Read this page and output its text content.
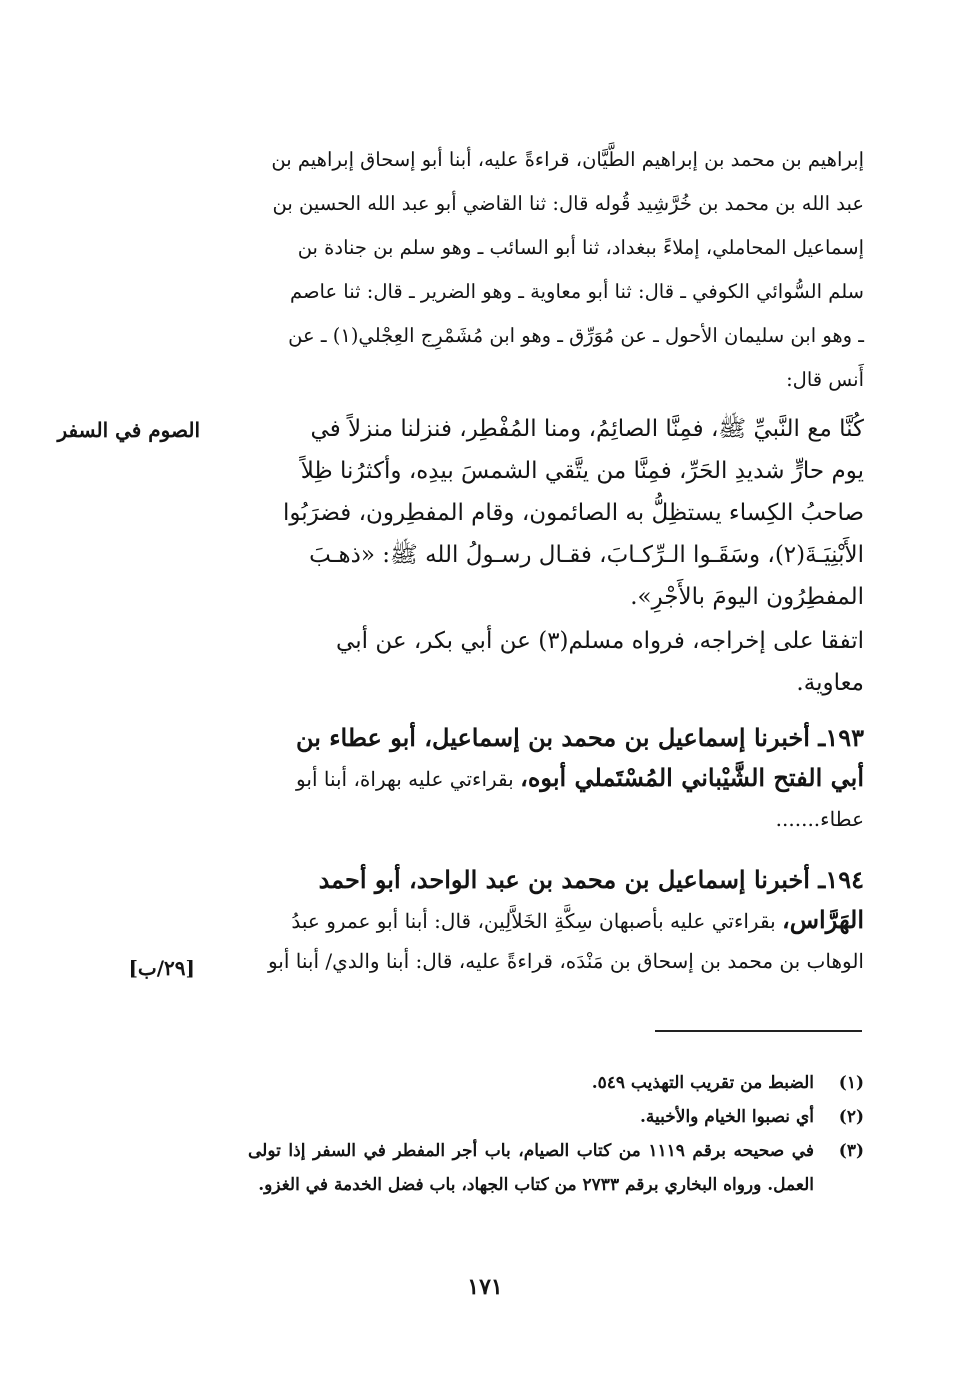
إبراهيم بن محمد بن إبراهيم الطَّيَّان، قراءةً عليه، أبنا أبو إسحاق إبراهيم بن

عبد الله بن محمد بن خُرَّشِيد قُوله قال: ثنا القاضي أبو عبد الله الحسين بن

إسماعيل المحاملي، إملاءً ببغداد، ثنا أبو السائب ـ وهو سلم بن جنادة بن

سلم السُّوائي الكوفي ـ قال: ثنا أبو معاوية ـ وهو الضرير ـ قال: ثنا عاصم

ـ وهو ابن سليمان الأحول ـ عن مُوَرِّق ـ وهو ابن مُشَمْرِج العِجْلي(١) ـ عن

أَنس قال:

الصوم في السفر	كُنَّا مع النَّبيِّ ﷺ، فمِنَّا الصائِمُ، ومنا المُفْطِر، فنزلنا منزلاً في

يوم حارٍّ شديدِ الحَرِّ، فمِنَّا من يتَّقي الشمسَ بيدِه، وأكثرُنا ظِلاً

صاحبُ الكِساء يستظِلُّ به الصائمون، وقام المفطِرون، فضرَبُوا

الأَبْنِيَـةَ(٢)، وسَقَـوا الـرِّكـابَ، فقـال رسـولُ الله ﷺ: «ذهـبَ

المفطِرُون اليومَ بالأَجْرِ».

اتفقا على إخراجه، فرواه مسلم(٣) عن أبي بكر، عن أبي

معاوية.

١٩٣ـ أخبرنا إسماعيل بن محمد بن إسماعيل، أبو عطاء بن

أبي الفتح الشَّيْباني المُسْتَملي أبوه، بقراءتي عليه بهراة، أبنا أبو

عطاء.......

١٩٤ـ أخبرنا إسماعيل بن محمد بن عبد الواحد، أبو أحمد

الهَرَّاس، بقراءتي عليه بأصبهان سِكَّةِ الخَلاَّلِين، قال: أبنا أبو عمرو عبدُ

الوهاب بن محمد بن إسحاق بن مَنْدَه، قراءةً عليه، قال: أبنا والدي/ أبنا أبو

[٢٩/ب]
(١)
الضبط من تقريب التهذيب ٥٤٩.
(٢)
أي نصبوا الخيام والأخبية.
(٣)
في صحيحه برقم ١١١٩ من كتاب الصيام، باب أجر المفطر في السفر إذا تولى العمل. ورواه البخاري برقم ٢٧٣٣ من كتاب الجهاد، باب فضل الخدمة في الغزو.
١٧١
